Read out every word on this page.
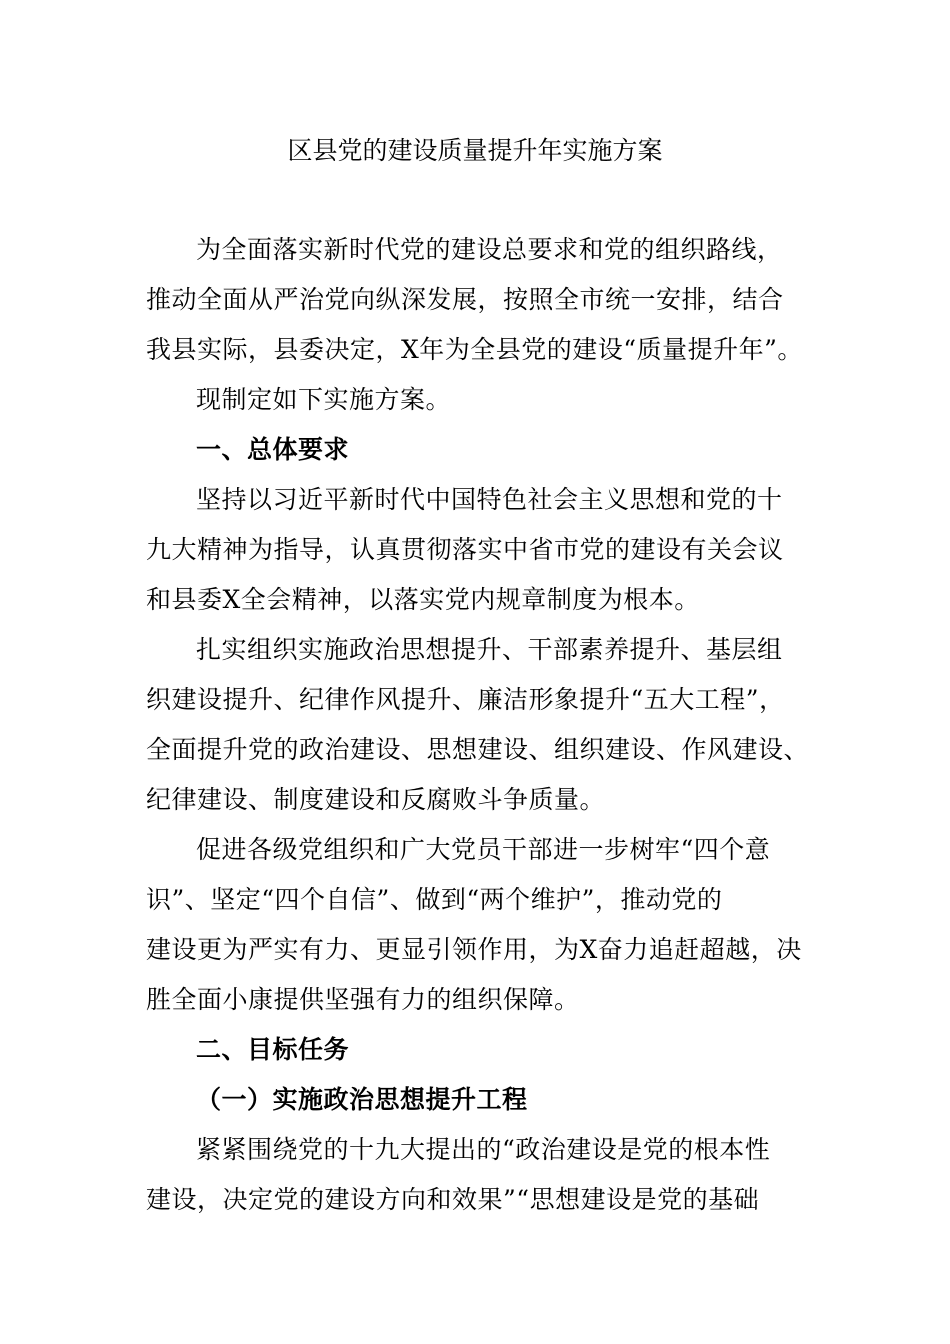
区县党的建设质量提升年实施方案
为全面落实新时代党的建设总要求和党的组织路线，
推动全面从严治党向纵深发展，按照全市统一安排，结合
我县实际，县委决定，X年为全县党的建设“质量提升年”。
现制定如下实施方案。
一、总体要求
坚持以习近平新时代中国特色社会主义思想和党的十
九大精神为指导，认真贯彻落实中省市党的建设有关会议
和县委X全会精神，以落实党内规章制度为根本。
扎实组织实施政治思想提升、干部素养提升、基层组
织建设提升、纪律作风提升、廉洁形象提升“五大工程”，
全面提升党的政治建设、思想建设、组织建设、作风建设、
纪律建设、制度建设和反腐败斗争质量。
促进各级党组织和广大党员干部进一步树牢“四个意
识”、坚定“四个自信”、做到“两个维护”，推动党的
建设更为严实有力、更显引领作用，为X奋力追赶超越，决
胜全面小康提供坚强有力的组织保障。
二、目标任务
（一）实施政治思想提升工程
紧紧围绕党的十九大提出的“政治建设是党的根本性
建设，决定党的建设方向和效果”“思想建设是党的基础
